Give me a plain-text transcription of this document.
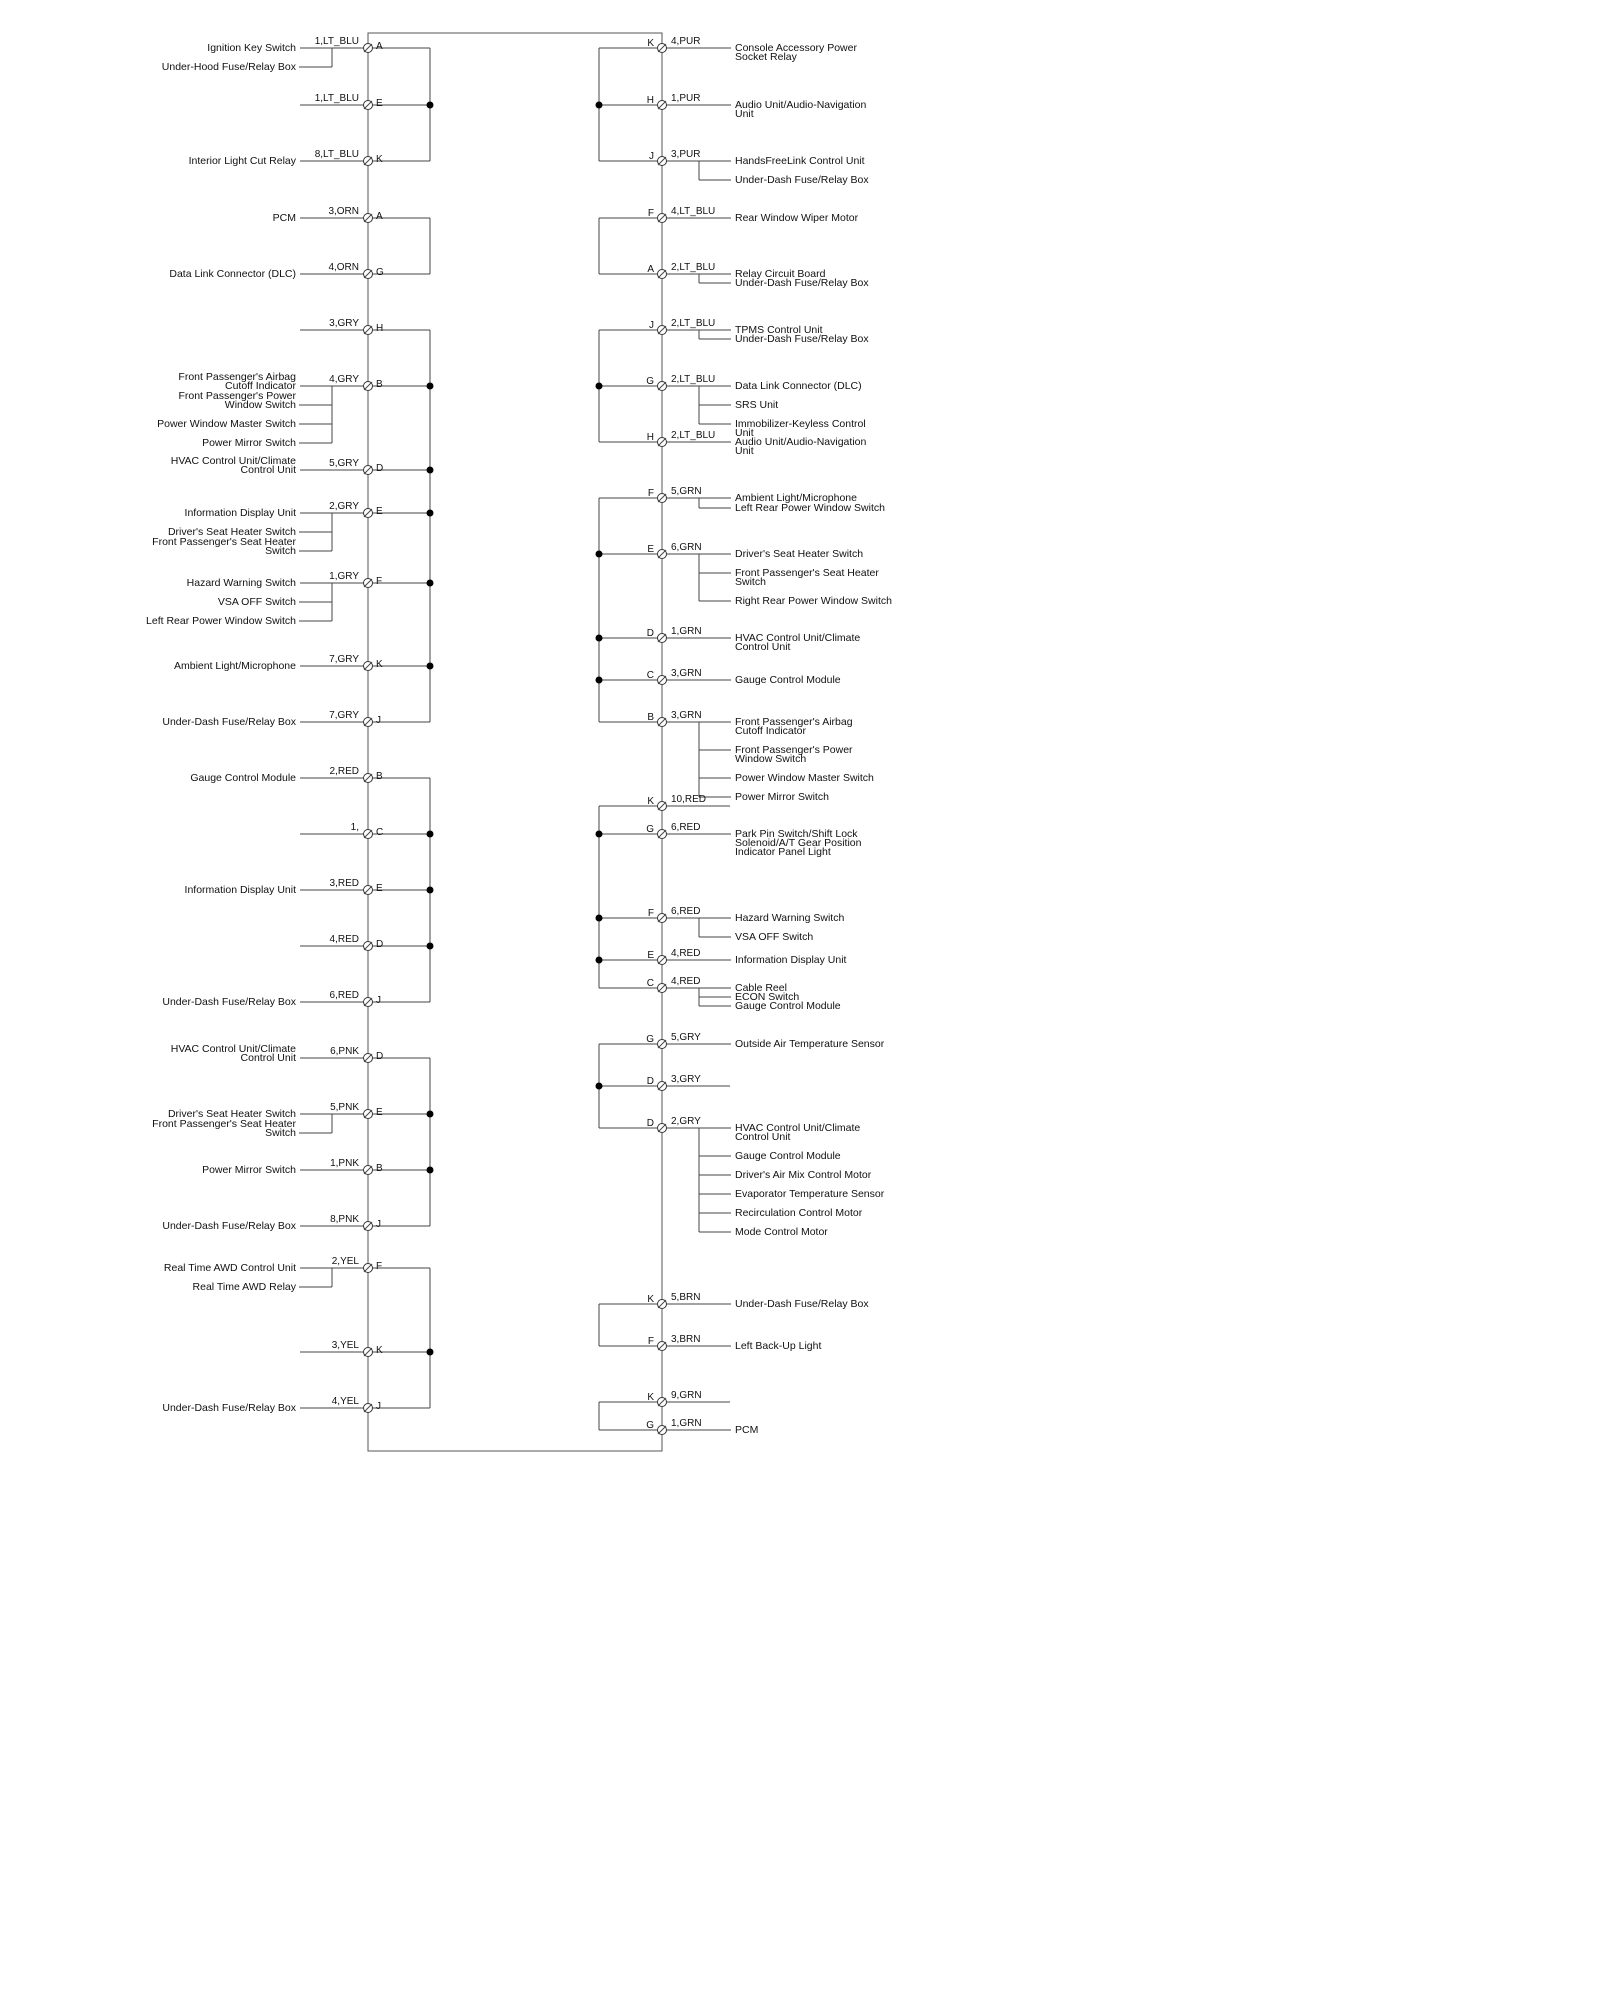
1,LT_BLU A
Ignition Key Switch
Under-Hood Fuse/Relay Box
1,LT_BLU E
8,LT_BLU K
Interior Light Cut Relay
3,ORN A
PCM
4,ORN G
Data Link Connector (DLC)
3,GRY H
4,GRY B
Front Passenger's Airbag Cutoff Indicator
Front Passenger's Power Window Switch
Power Window Master Switch
Power Mirror Switch
5,GRY D
HVAC Control Unit/Climate Control Unit
2,GRY E
Information Display Unit
Driver's Seat Heater Switch
Front Passenger's Seat Heater Switch
1,GRY F
Hazard Warning Switch
VSA OFF Switch
Left Rear Power Window Switch
7,GRY K
Ambient Light/Microphone
7,GRY J
Under-Dash Fuse/Relay Box
2,RED B
Gauge Control Module
1, C
3,RED E
Information Display Unit
4,RED D
6,RED J
Under-Dash Fuse/Relay Box
6,PNK D
HVAC Control Unit/Climate Control Unit
5,PNK E
Driver's Seat Heater Switch
Front Passenger's Seat Heater Switch
1,PNK B
Power Mirror Switch
8,PNK J
Under-Dash Fuse/Relay Box
2,YEL F
Real Time AWD Control Unit
Real Time AWD Relay
3,YEL K
4,YEL J
Under-Dash Fuse/Relay Box
4,PUR
K	Console Accessory Power Socket Relay
1,PUR
H	Audio Unit/Audio-Navigation Unit
3,PUR
J	HandsFreeLink Control Unit
Under-Dash Fuse/Relay Box
4,LT_BLU
F	Rear Window Wiper Motor
2,LT_BLU
A	Relay Circuit Board
Under-Dash Fuse/Relay Box
2,LT_BLU
J	TPMS Control Unit
Under-Dash Fuse/Relay Box
2,LT_BLU
G	Data Link Connector (DLC)
SRS Unit
Immobilizer-Keyless Control Unit
2,LT_BLU
H	Audio Unit/Audio-Navigation Unit
5,GRN
F	Ambient Light/Microphone
Left Rear Power Window Switch
6,GRN
E	Driver's Seat Heater Switch
Front Passenger's Seat Heater Switch
Right Rear Power Window Switch
1,GRN
D	HVAC Control Unit/Climate Control Unit
3,GRN
C	Gauge Control Module
3,GRN
B	Front Passenger's Airbag Cutoff Indicator
Front Passenger's Power Window Switch
Power Window Master Switch
Power Mirror Switch
10,RED
K
6,RED
G	Park Pin Switch/Shift Lock Solenoid/A/T Gear Position Indicator Panel Light
6,RED
F	Hazard Warning Switch
VSA OFF Switch
4,RED
E	Information Display Unit
4,RED
C	Cable Reel
ECON Switch
Gauge Control Module
5,GRY
G	Outside Air Temperature Sensor
3,GRY
D
2,GRY
D	HVAC Control Unit/Climate Control Unit
Gauge Control Module
Driver's Air Mix Control Motor
Evaporator Temperature Sensor
Recirculation Control Motor
Mode Control Motor
5,BRN
K	Under-Dash Fuse/Relay Box
3,BRN
F	Left Back-Up Light
9,GRN
K
1,GRN
G	PCM
